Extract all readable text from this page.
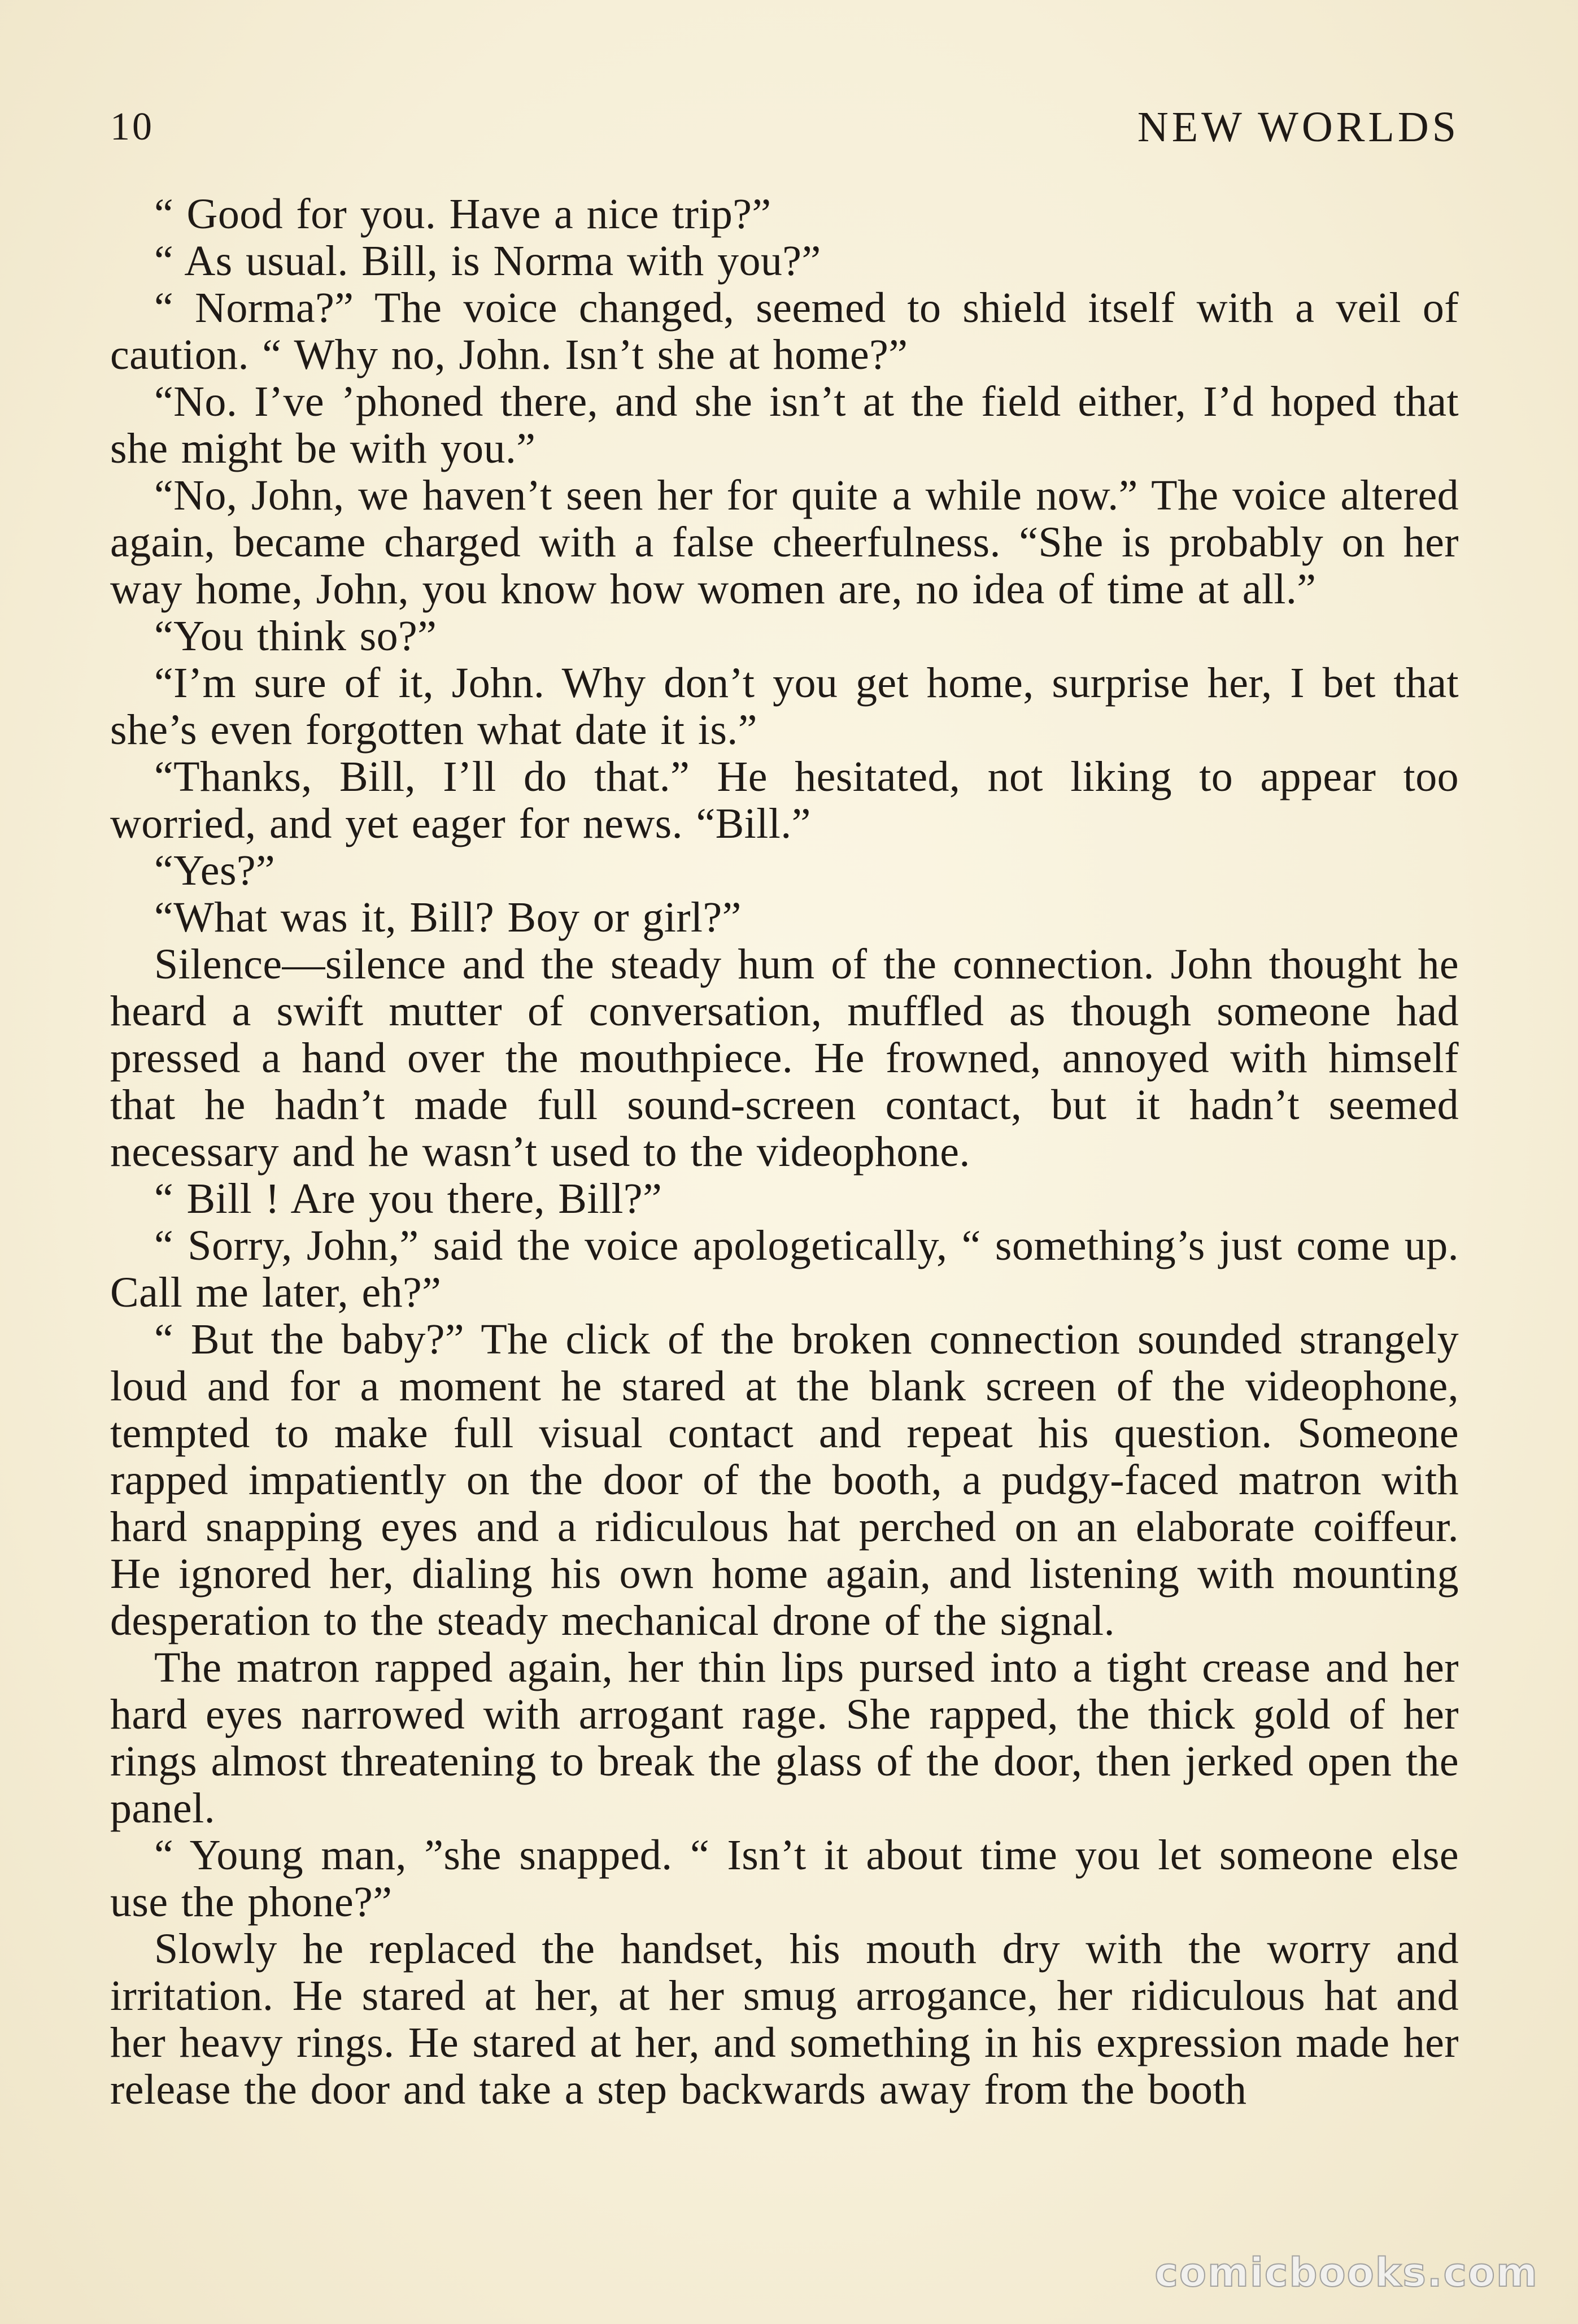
10	NEW WORLDS

“ Good for you. Have a nice trip?”

“ As usual. Bill, is Norma with you?”

“ Norma?” The voice changed, seemed to shield itself with a veil of caution. “ Why no, John. Isn’t she at home?”

“No. I’ve ’phoned there, and she isn’t at the field either, I’d hoped that she might be with you.”

“No, John, we haven’t seen her for quite a while now.” The voice altered again, became charged with a false cheerfulness. “She is probably on her way home, John, you know how women are, no idea of time at all.”

“You think so?”

“I’m sure of it, John. Why don’t you get home, surprise her, I bet that she’s even forgotten what date it is.”

“Thanks, Bill, I’ll do that.” He hesitated, not liking to appear too worried, and yet eager for news. “Bill.”

“Yes?”

“What was it, Bill? Boy or girl?”

Silence—silence and the steady hum of the connection. John thought he heard a swift mutter of conversation, muffled as though someone had pressed a hand over the mouthpiece. He frowned, annoyed with himself that he hadn’t made full sound-screen contact, but it hadn’t seemed necessary and he wasn’t used to the videophone.

“ Bill ! Are you there, Bill?”

“ Sorry, John,” said the voice apologetically, “ something’s just come up. Call me later, eh?”

“ But the baby?” The click of the broken connection sounded strangely loud and for a moment he stared at the blank screen of the videophone, tempted to make full visual contact and repeat his question. Someone rapped impatiently on the door of the booth, a pudgy-faced matron with hard snapping eyes and a ridiculous hat perched on an elaborate coiffeur. He ignored her, dialing his own home again, and listening with mounting desperation to the steady mechanical drone of the signal.

The matron rapped again, her thin lips pursed into a tight crease and her hard eyes narrowed with arrogant rage. She rapped, the thick gold of her rings almost threatening to break the glass of the door, then jerked open the panel.

“ Young man, ”she snapped. “ Isn’t it about time you let someone else use the phone?”

Slowly he replaced the handset, his mouth dry with the worry and irritation. He stared at her, at her smug arrogance, her ridiculous hat and her heavy rings. He stared at her, and something in his expression made her release the door and take a step backwards away from the booth

comicbooks.com
